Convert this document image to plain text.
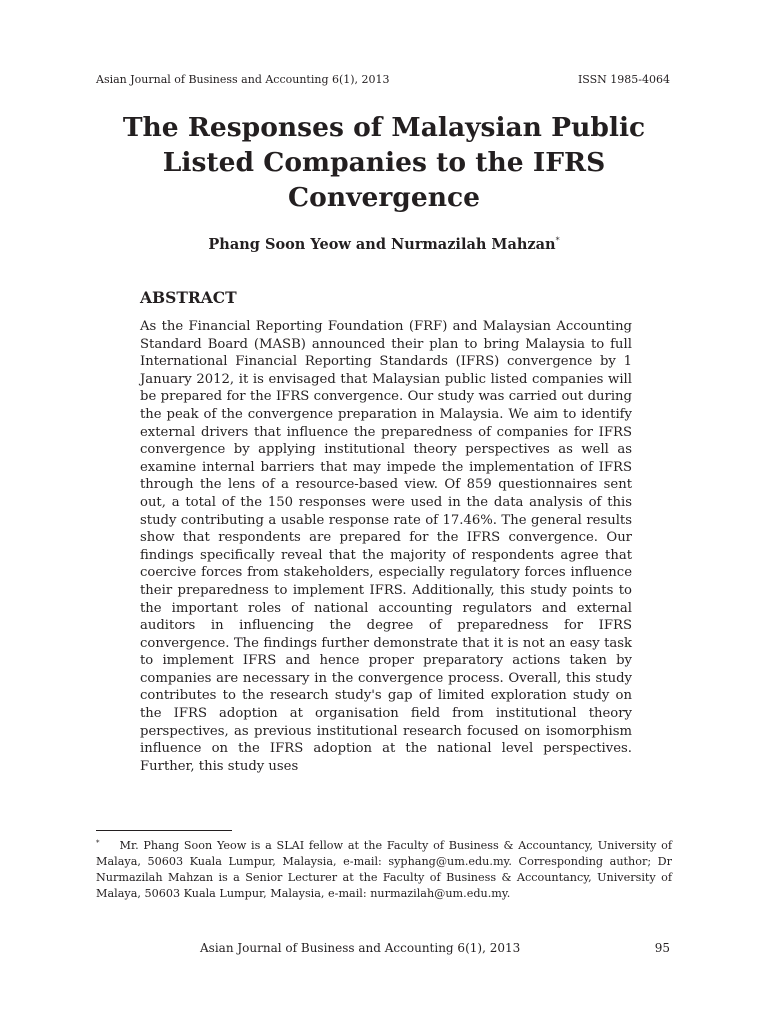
Asian Journal of Business and Accounting 6(1), 2013	ISSN 1985-4064
The Responses of Malaysian Public Listed Companies to the IFRS Convergence
Phang Soon Yeow and Nurmazilah Mahzan*
ABSTRACT

As the Financial Reporting Foundation (FRF) and Malaysian Accounting Standard Board (MASB) announced their plan to bring Malaysia to full International Financial Reporting Standards (IFRS) convergence by 1 January 2012, it is envisaged that Malaysian public listed companies will be prepared for the IFRS convergence. Our study was carried out during the peak of the convergence preparation in Malaysia. We aim to identify external drivers that influence the preparedness of companies for IFRS convergence by applying institutional theory perspectives as well as examine internal barriers that may impede the implementation of IFRS through the lens of a resource-based view. Of 859 questionnaires sent out, a total of the 150 responses were used in the data analysis of this study contributing a usable response rate of 17.46%. The general results show that respondents are prepared for the IFRS convergence. Our findings specifically reveal that the majority of respondents agree that coercive forces from stakeholders, especially regulatory forces influence their preparedness to implement IFRS. Additionally, this study points to the important roles of national accounting regulators and external auditors in influencing the degree of preparedness for IFRS convergence. The findings further demonstrate that it is not an easy task to implement IFRS and hence proper preparatory actions taken by companies are necessary in the convergence process. Overall, this study contributes to the research study's gap of limited exploration study on the IFRS adoption at organisation field from institutional theory perspectives, as previous institutional research focused on isomorphism influence on the IFRS adoption at the national level perspectives. Further, this study uses

* Mr. Phang Soon Yeow is a SLAI fellow at the Faculty of Business & Accountancy, University of Malaya, 50603 Kuala Lumpur, Malaysia, e-mail: syphang@um.edu.my. Corresponding author; Dr Nurmazilah Mahzan is a Senior Lecturer at the Faculty of Business & Accountancy, University of Malaya, 50603 Kuala Lumpur, Malaysia, e-mail: nurmazilah@um.edu.my.

Asian Journal of Business and Accounting 6(1), 2013	95
